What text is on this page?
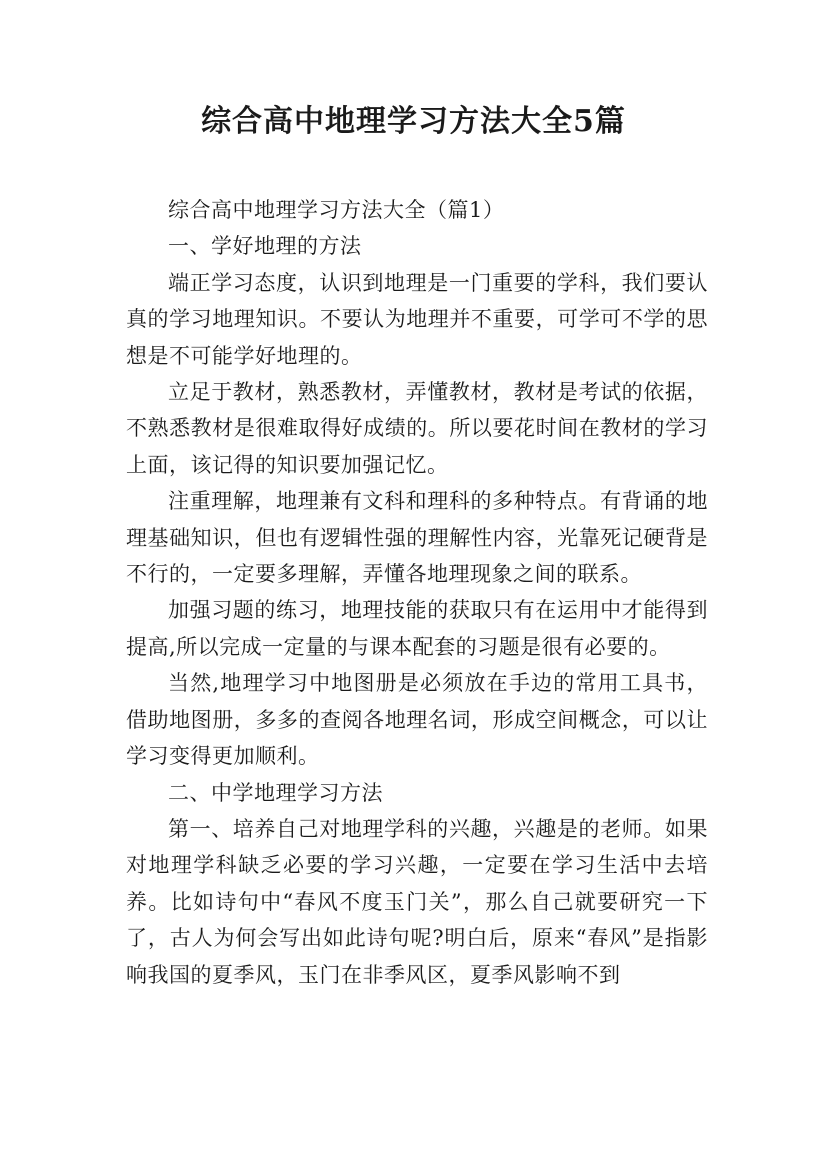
综合高中地理学习方法大全5篇

综合高中地理学习方法大全（篇1）

一、学好地理的方法

端正学习态度，认识到地理是一门重要的学科，我们要认真的学习地理知识。不要认为地理并不重要，可学可不学的思想是不可能学好地理的。

立足于教材，熟悉教材，弄懂教材，教材是考试的依据，不熟悉教材是很难取得好成绩的。所以要花时间在教材的学习上面，该记得的知识要加强记忆。

注重理解，地理兼有文科和理科的多种特点。有背诵的地理基础知识，但也有逻辑性强的理解性内容，光靠死记硬背是不行的，一定要多理解，弄懂各地理现象之间的联系。

加强习题的练习，地理技能的获取只有在运用中才能得到提高,所以完成一定量的与课本配套的习题是很有必要的。

当然,地理学习中地图册是必须放在手边的常用工具书，借助地图册，多多的查阅各地理名词，形成空间概念，可以让学习变得更加顺利。

二、中学地理学习方法

第一、培养自己对地理学科的兴趣，兴趣是的老师。如果对地理学科缺乏必要的学习兴趣，一定要在学习生活中去培养。比如诗句中“春风不度玉门关”，那么自己就要研究一下了，古人为何会写出如此诗句呢?明白后，原来“春风”是指影响我国的夏季风，玉门在非季风区，夏季风影响不到
